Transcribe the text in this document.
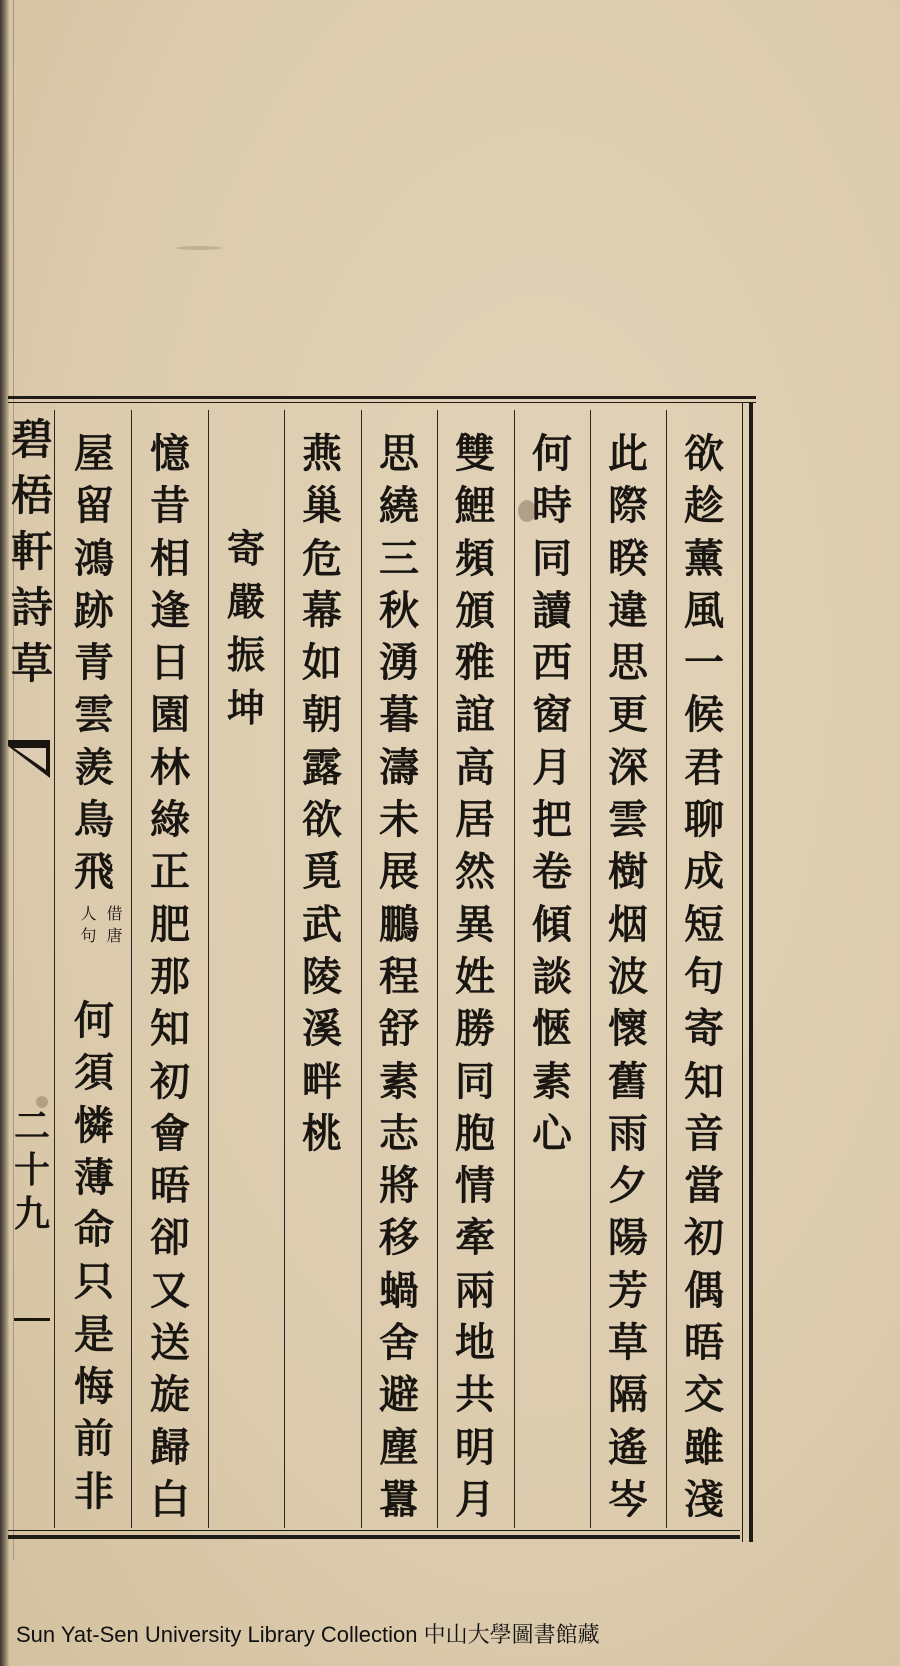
欲
趁
薰
風
一
候
君
聊
成
短
句
寄
知
音
當
初
偶
晤
交
雖
淺
此
際
睽
違
思
更
深
雲
樹
烟
波
懷
舊
雨
夕
陽
芳
草
隔
遙
岑
何
時
同
讀
西
窗
月
把
卷
傾
談
愜
素
心
雙
鯉
頻
頒
雅
誼
高
居
然
異
姓
勝
同
胞
情
牽
兩
地
共
明
月
思
繞
三
秋
湧
暮
濤
未
展
鵬
程
舒
素
志
將
移
蝸
舍
避
塵
囂
燕
巢
危
幕
如
朝
露
欲
覓
武
陵
溪
畔
桃
寄
嚴
振
坤
憶
昔
相
逢
日
園
林
綠
正
肥
那
知
初
會
晤
卻
又
送
旋
歸
白
屋
留
鴻
跡
青
雲
羨
鳥
飛
何
須
憐
薄
命
只
是
悔
前
非
借唐
人句
碧
梧
軒
詩
草
二
十
九
Sun Yat-Sen University Library Collection 中山大學圖書館藏
